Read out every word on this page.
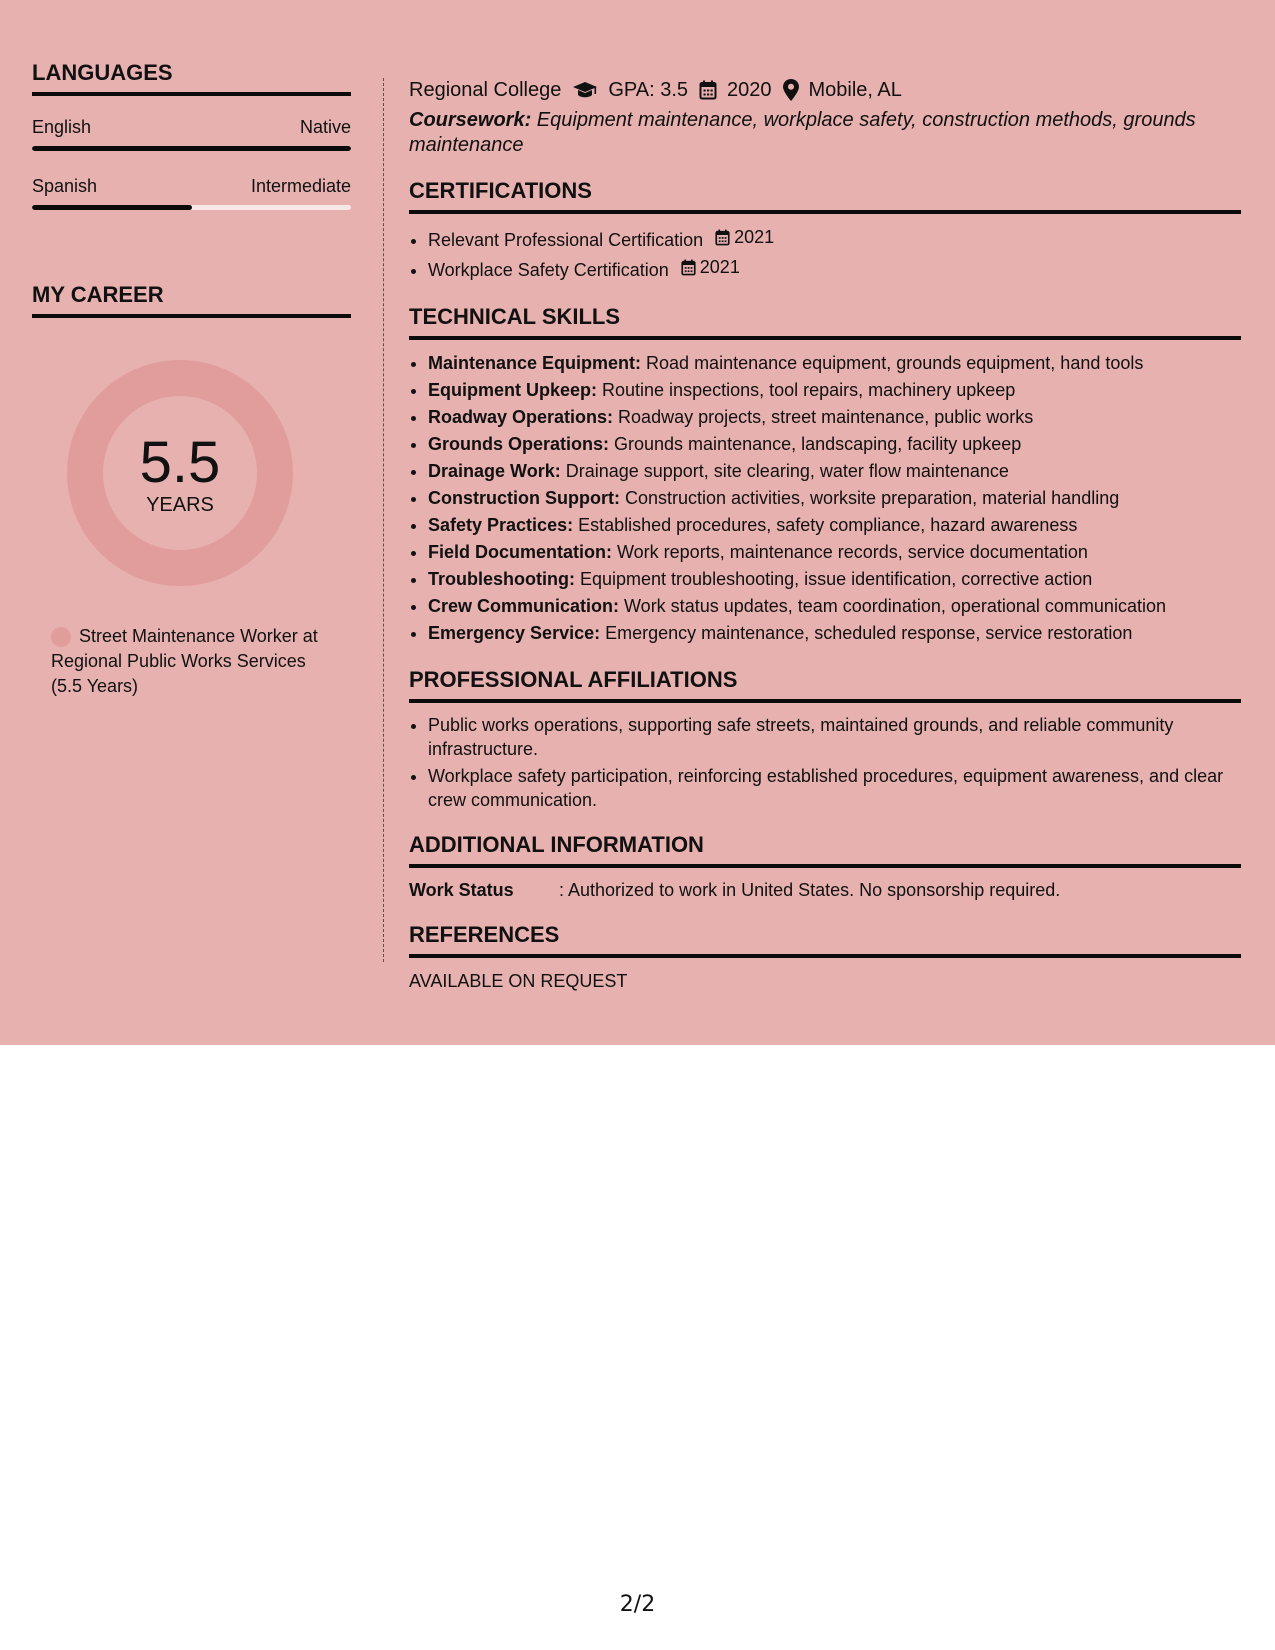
LANGUAGES
English	Native
Spanish	Intermediate
MY CAREER
5.5
YEARS
Street Maintenance Worker at Regional Public Works Services (5.5 Years)
Regional College GPA: 3.5 2020 Mobile, AL
Coursework: Equipment maintenance, workplace safety, construction methods, grounds maintenance
CERTIFICATIONS
• Relevant Professional Certification 2021
• Workplace Safety Certification 2021
TECHNICAL SKILLS
• Maintenance Equipment: Road maintenance equipment, grounds equipment, hand tools
• Equipment Upkeep: Routine inspections, tool repairs, machinery upkeep
• Roadway Operations: Roadway projects, street maintenance, public works
• Grounds Operations: Grounds maintenance, landscaping, facility upkeep
• Drainage Work: Drainage support, site clearing, water flow maintenance
• Construction Support: Construction activities, worksite preparation, material handling
• Safety Practices: Established procedures, safety compliance, hazard awareness
• Field Documentation: Work reports, maintenance records, service documentation
• Troubleshooting: Equipment troubleshooting, issue identification, corrective action
• Crew Communication: Work status updates, team coordination, operational communication
• Emergency Service: Emergency maintenance, scheduled response, service restoration
PROFESSIONAL AFFILIATIONS
• Public works operations, supporting safe streets, maintained grounds, and reliable community infrastructure.
• Workplace safety participation, reinforcing established procedures, equipment awareness, and clear crew communication.
ADDITIONAL INFORMATION
Work Status	: Authorized to work in United States. No sponsorship required.
REFERENCES
AVAILABLE ON REQUEST
2/2
